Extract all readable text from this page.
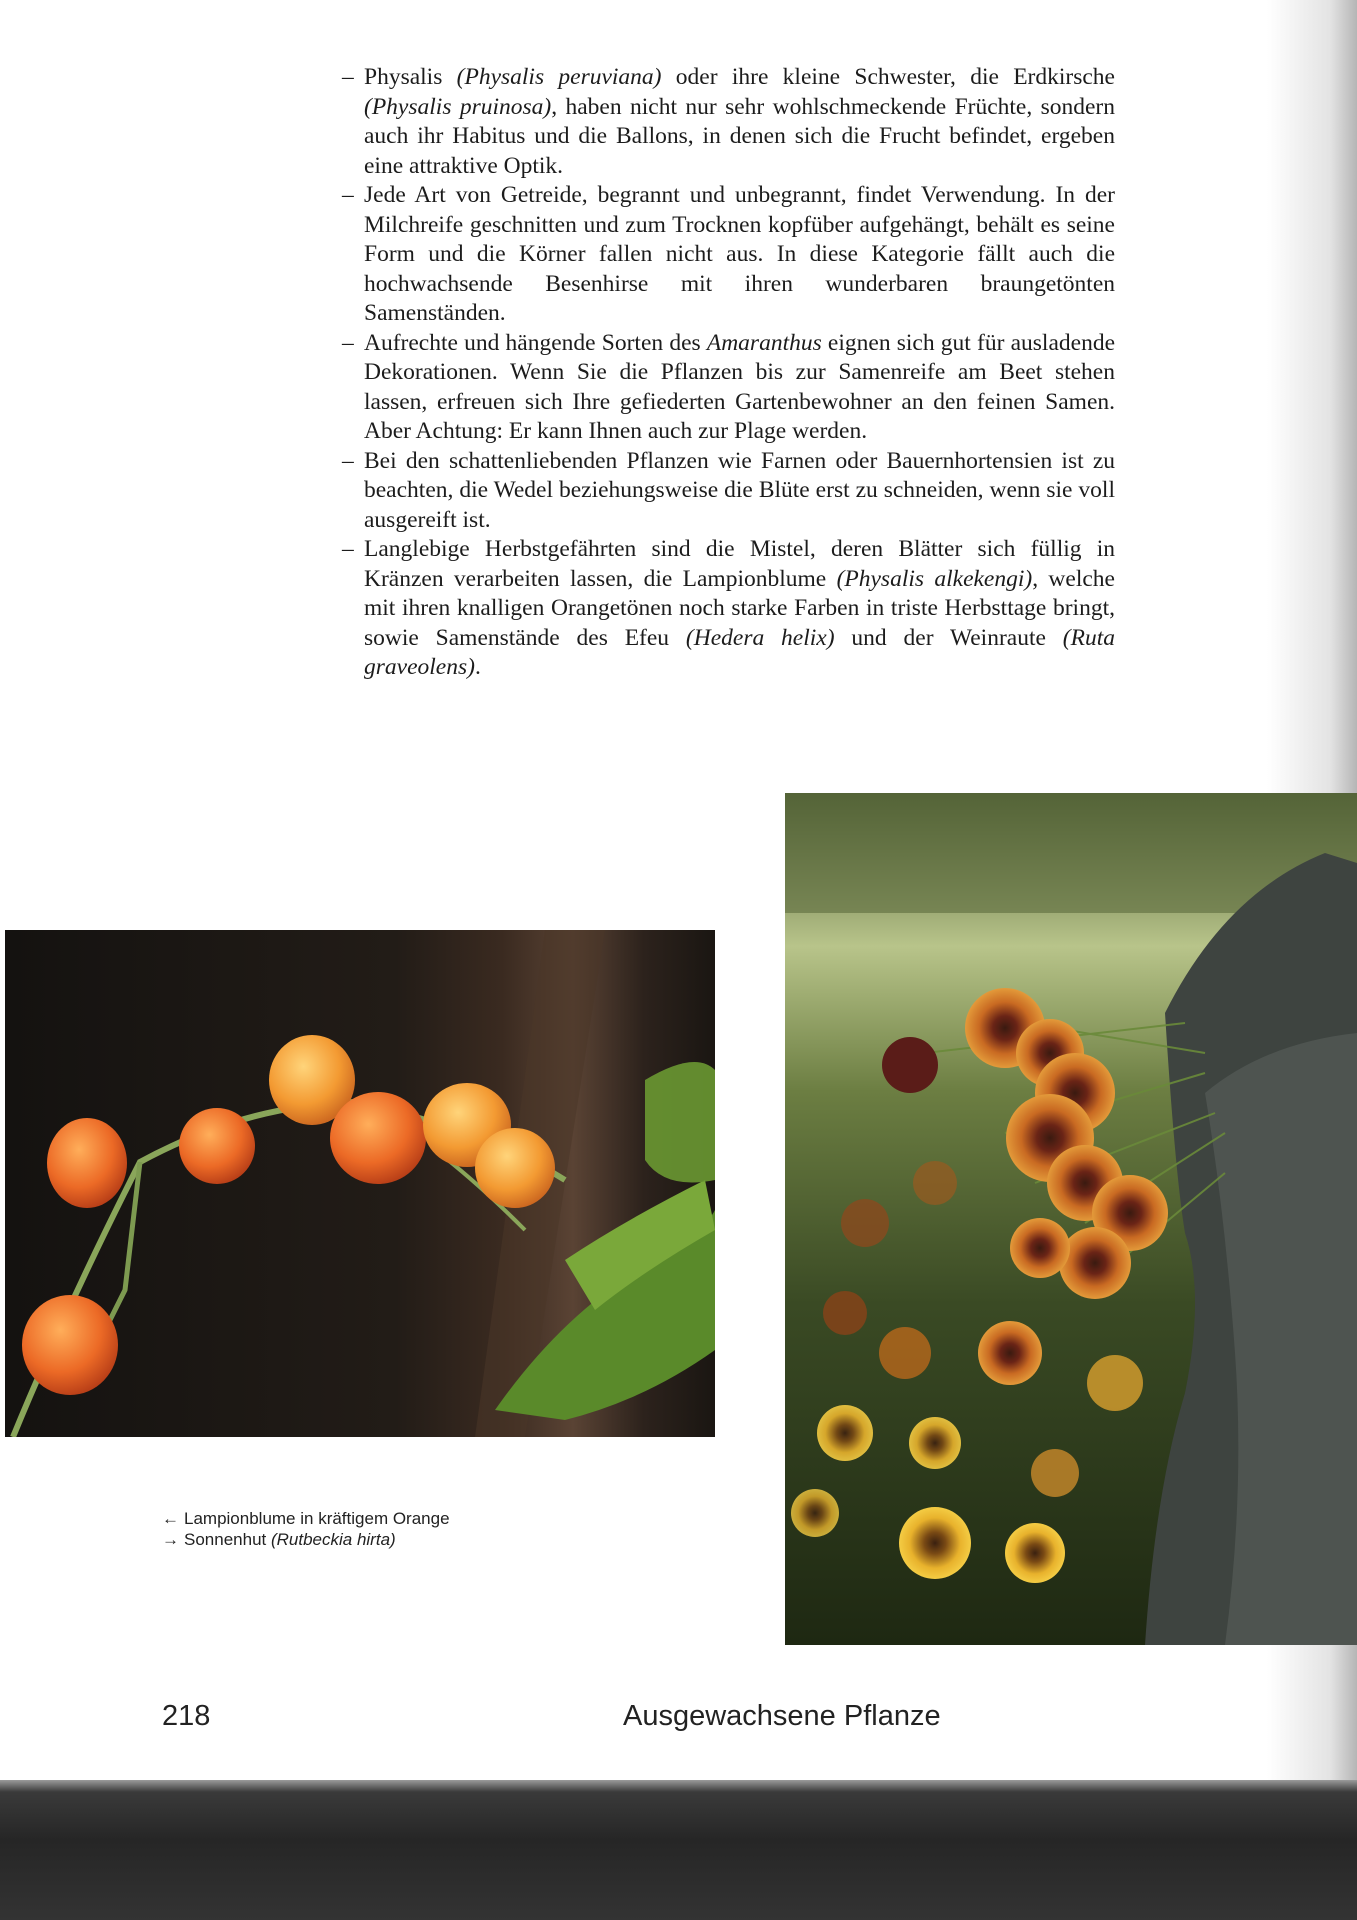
– Physalis (Physalis peruviana) oder ihre kleine Schwester, die Erdkirsche (Physalis pruinosa), haben nicht nur sehr wohlschmeckende Früchte, sondern auch ihr Habitus und die Ballons, in denen sich die Frucht befindet, ergeben eine attraktive Optik.
– Jede Art von Getreide, begrannt und unbegrannt, findet Verwendung. In der Milchreife geschnitten und zum Trocknen kopfüber aufgehängt, behält es seine Form und die Körner fallen nicht aus. In diese Kategorie fällt auch die hochwachsende Besenhirse mit ihren wunderbaren braungetönten Samenständen.
– Aufrechte und hängende Sorten des Amaranthus eignen sich gut für ausladende Dekorationen. Wenn Sie die Pflanzen bis zur Samenreife am Beet stehen lassen, erfreuen sich Ihre gefiederten Gartenbewohner an den feinen Samen. Aber Achtung: Er kann Ihnen auch zur Plage werden.
– Bei den schattenliebenden Pflanzen wie Farnen oder Bauernhortensien ist zu beachten, die Wedel beziehungsweise die Blüte erst zu schneiden, wenn sie voll ausgereift ist.
– Langlebige Herbstgefährten sind die Mistel, deren Blätter sich füllig in Kränzen verarbeiten lassen, die Lampionblume (Physalis alkekengi), welche mit ihren knalligen Orangetönen noch starke Farben in triste Herbsttage bringt, sowie Samenstände des Efeu (Hedera helix) und der Weinraute (Ruta graveolens).
← Lampionblume in kräftigem Orange
→ Sonnenhut (Rutbeckia hirta)
218	Ausgewachsene Pflanze
